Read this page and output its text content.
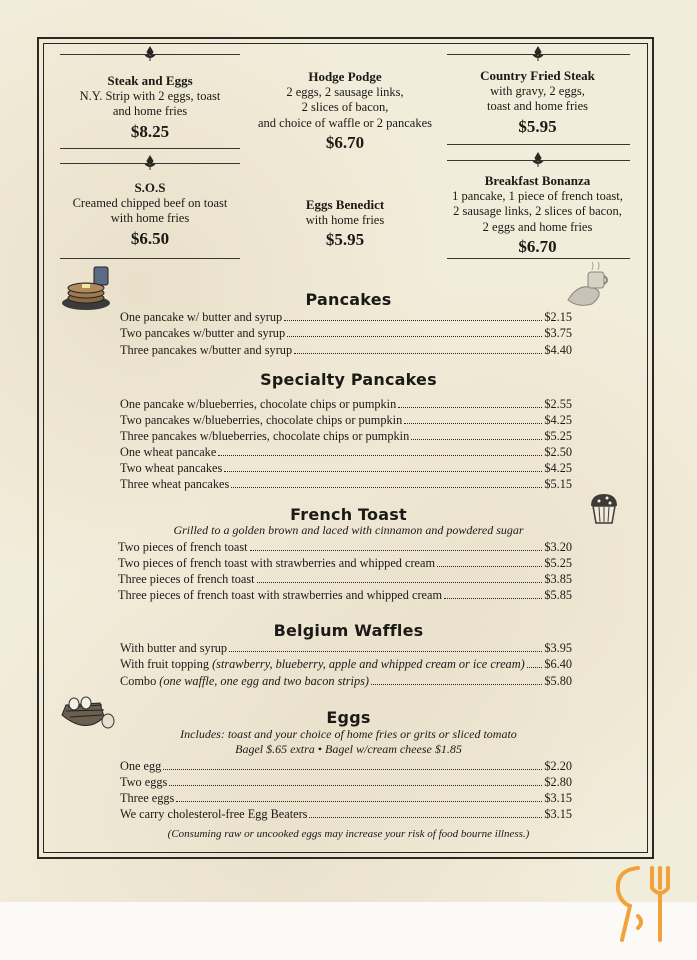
Steak and Eggs
N.Y. Strip with 2 eggs, toast
and home fries
$8.25
Hodge Podge
2 eggs, 2 sausage links,
2 slices of bacon,
and choice of waffle or 2 pancakes
$6.70
Country Fried Steak
with gravy, 2 eggs,
toast and home fries
$5.95
S.O.S
Creamed chipped beef on toast
with home fries
$6.50
Eggs Benedict
with home fries
$5.95
Breakfast Bonanza
1 pancake, 1 piece of french toast,
2 sausage links, 2 slices of bacon,
2 eggs and home fries
$6.70
Pancakes
One pancake w/ butter and syrup	$2.15
Two pancakes w/butter and syrup	$3.75
Three pancakes w/butter and syrup	$4.40
Specialty Pancakes
One pancake w/blueberries, chocolate chips or pumpkin	$2.55
Two pancakes w/blueberries, chocolate chips or pumpkin	$4.25
Three pancakes w/blueberries, chocolate chips or pumpkin	$5.25
One wheat pancake	$2.50
Two wheat pancakes	$4.25
Three wheat pancakes	$5.15
French Toast
Grilled to a golden brown and laced with cinnamon and powdered sugar
Two pieces of french toast	$3.20
Two pieces of french toast with strawberries and whipped cream	$5.25
Three pieces of french toast	$3.85
Three pieces of french toast with strawberries and whipped cream	$5.85
Belgium Waffles
With butter and syrup	$3.95
With fruit topping (strawberry, blueberry, apple and whipped cream or ice cream) $6.40
Combo (one waffle, one egg and two bacon strips)	$5.80
Eggs
Includes: toast and your choice of home fries or grits or sliced tomato
Bagel $.65 extra • Bagel w/cream cheese $1.85
One egg	$2.20
Two eggs	$2.80
Three eggs	$3.15
We carry cholesterol-free Egg Beaters	$3.15
(Consuming raw or uncooked eggs may increase your risk of food bourne illness.)
